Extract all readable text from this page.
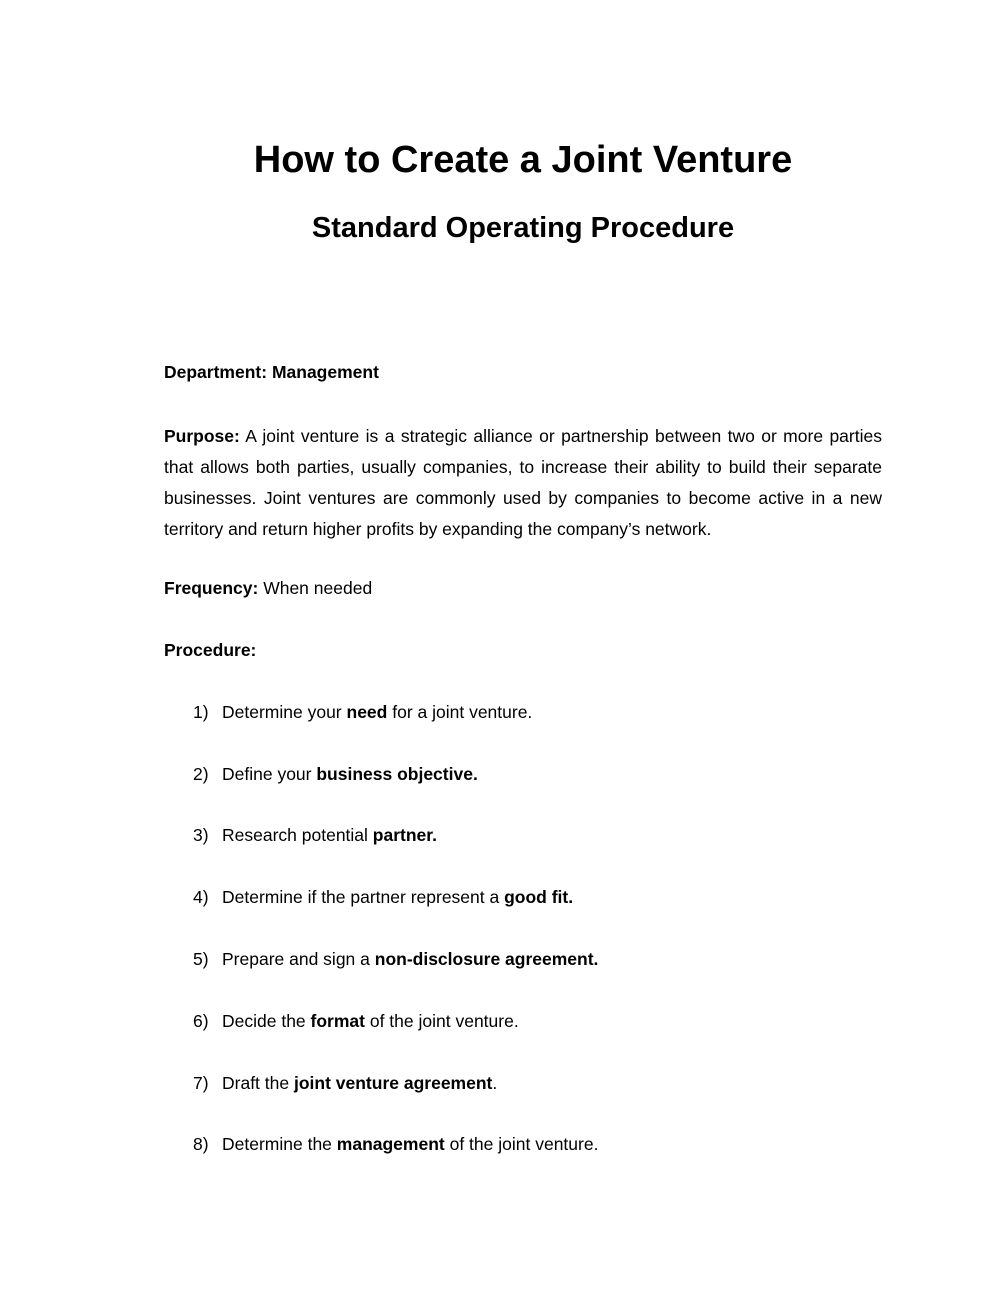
How to Create a Joint Venture
Standard Operating Procedure
Department: Management

Purpose: A joint venture is a strategic alliance or partnership between two or more parties that allows both parties, usually companies, to increase their ability to build their separate businesses. Joint ventures are commonly used by companies to become active in a new territory and return higher profits by expanding the company’s network.

Frequency: When needed
Procedure:
1) Determine your need for a joint venture.
2) Define your business objective.
3) Research potential partner.
4) Determine if the partner represent a good fit.
5) Prepare and sign a non-disclosure agreement.
6) Decide the format of the joint venture.
7) Draft the joint venture agreement.
8) Determine the management of the joint venture.
